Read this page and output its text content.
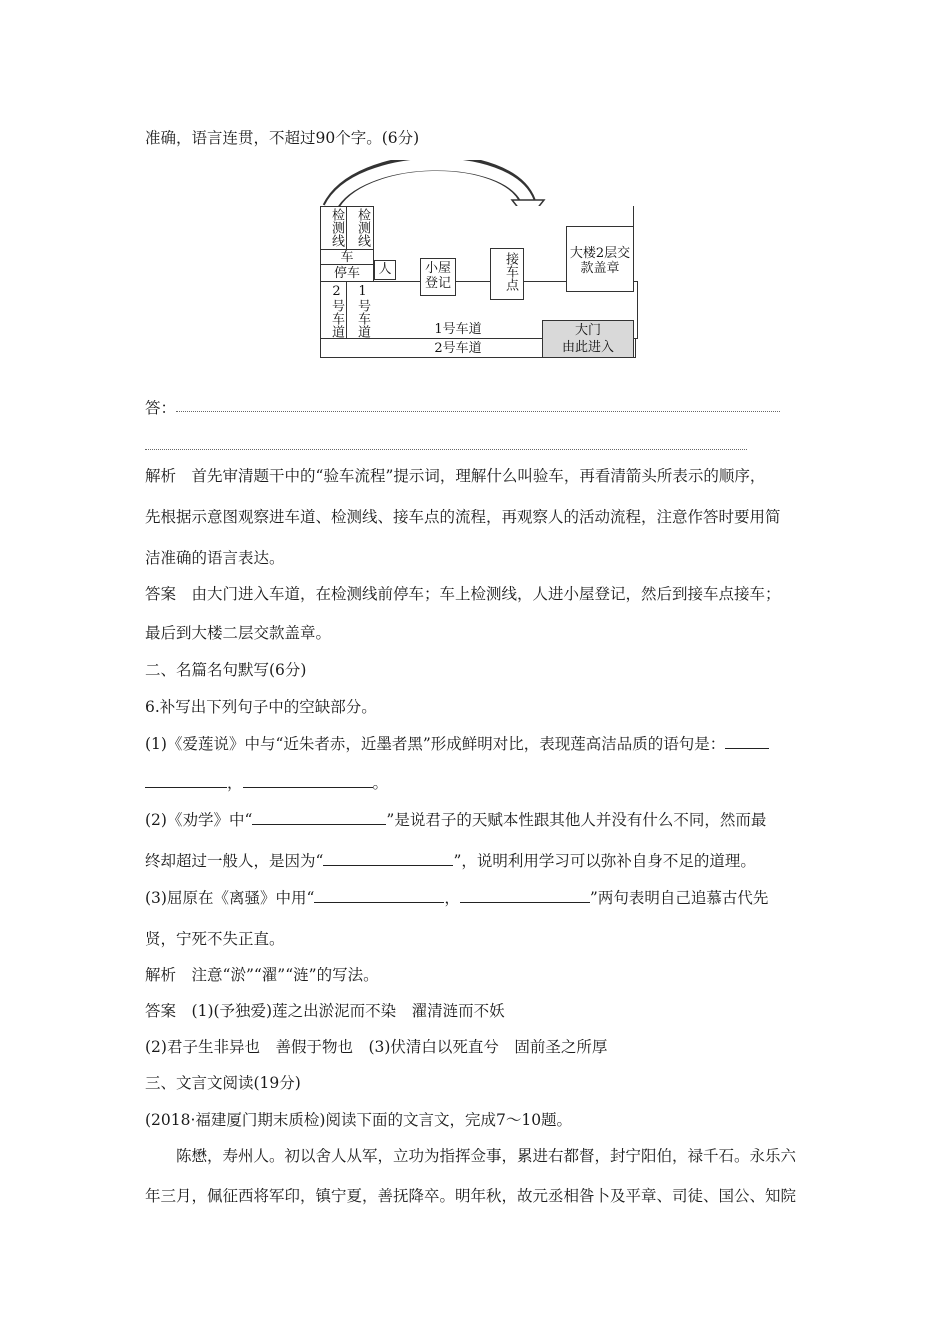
准确，语言连贯，不超过90个字。(6分)
检测线 检测线
车
停车
2号车道 1号车道
人	小屋登记	接车点	大楼2层交款盖章
1号车道
2号车道
大门
由此进入
答：
解析　 首先审清题干中的“验车流程”提示词，理解什么叫验车，再看清箭头所表示的顺序，
先根据示意图观察进车道、检测线、接车点的流程，再观察人的活动流程，注意作答时要用简
洁准确的语言表达。
答案　 由大门进入车道，在检测线前停车；车上检测线，人进小屋登记，然后到接车点接车；
最后到大楼二层交款盖章。
二、名篇名句默写(6分)
6.补写出下列句子中的空缺部分。
(1)《爱莲说》中与“近朱者赤，近墨者黑”形成鲜明对比，表现莲高洁品质的语句是：
，	。
(2)《劝学》中“	”是说君子的天赋本性跟其他人并没有什么不同，然而最
终却超过一般人，是因为“	”，说明利用学习可以弥补自身不足的道理。
(3)屈原在《离骚》中用“	，	”两句表明自己追慕古代先
贤，宁死不失正直。
解析　 注意“淤”“濯”“涟”的写法。
答案　 (1)(予独爱)莲之出淤泥而不染　濯清涟而不妖
(2)君子生非异也　善假于物也　(3)伏清白以死直兮　固前圣之所厚
三、文言文阅读(19分)
(2018·福建厦门期末质检)阅读下面的文言文，完成7～10题。
陈懋，寿州人。初以舍人从军，立功为指挥佥事，累进右都督，封宁阳伯，禄千石。永乐六
年三月，佩征西将军印，镇宁夏，善抚降卒。明年秋，故元丞相昝卜及平章、司徒、国公、知院
